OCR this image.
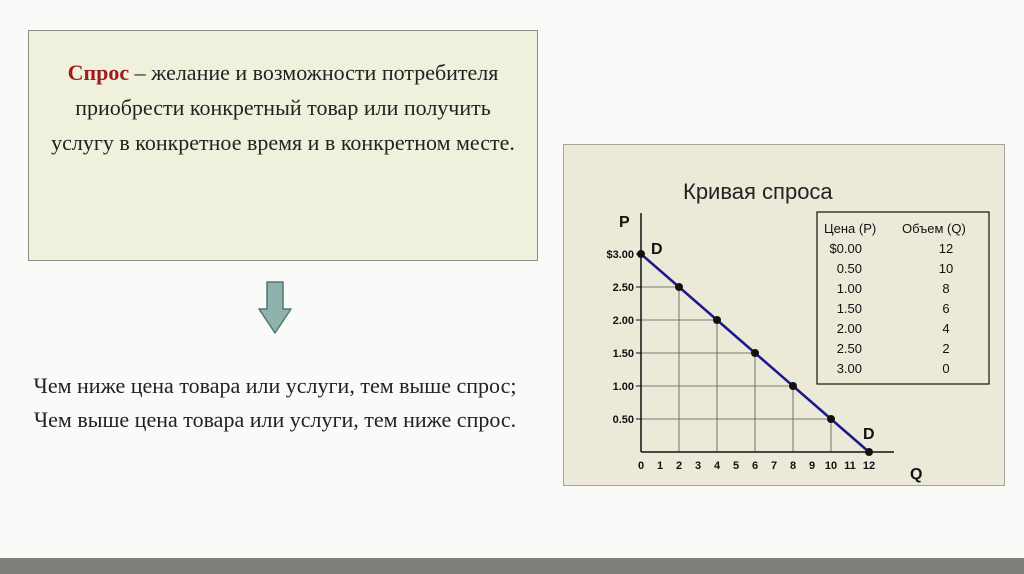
Спрос – желание и возможности потребителя приобрести конкретный товар или получить услугу в конкретное время и в конкретном месте.
Чем ниже цена товара или услуги, тем выше спрос;
Чем выше цена товара или услуги, тем ниже спрос.
Кривая спроса
P
Q
0.50
1.00
1.50
2.00
2.50
$3.00
0 1 2 3 4 5 6 7 8 9 10 11 12
D
D
Цена (P) Объем (Q)
$0.00	12
0.50	10
1.00	8
1.50	6
2.00	4
2.50	2
3.00	0
